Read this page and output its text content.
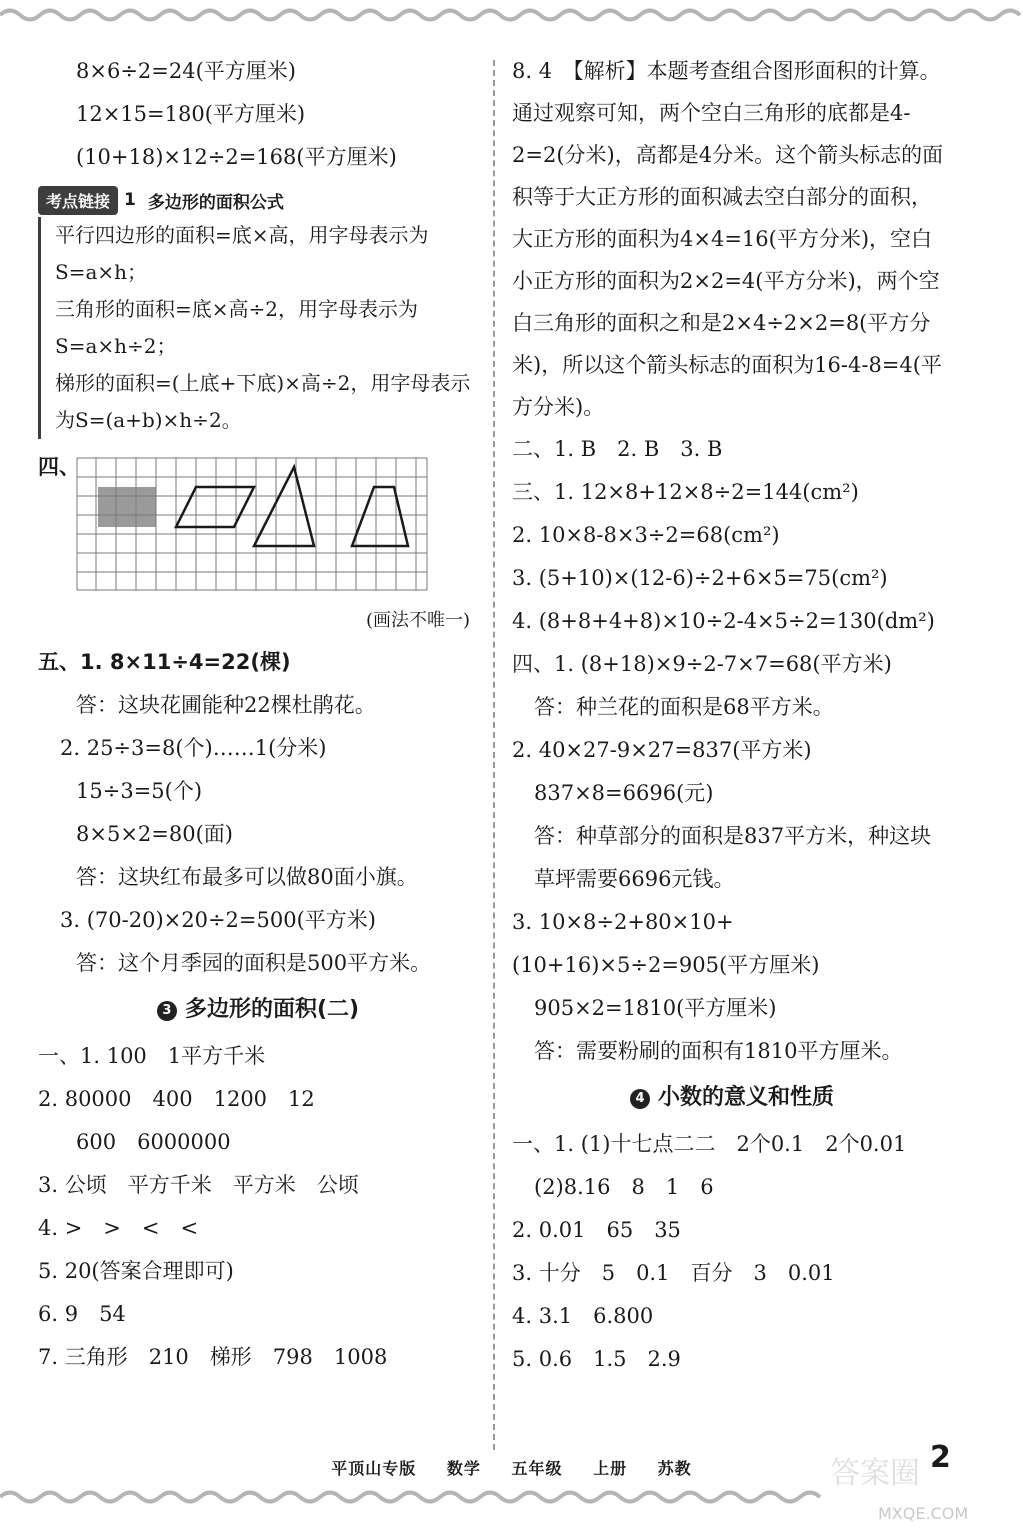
8×6÷2=24(平方厘米)
12×15=180(平方厘米)
(10+18)×12÷2=168(平方厘米)
考点链接 1 多边形的面积公式
平行四边形的面积=底×高，用字母表示为S=a×h；
三角形的面积=底×高÷2，用字母表示为S=a×h÷2；
梯形的面积=(上底+下底)×高÷2，用字母表示为S=(a+b)×h÷2。
四、
(画法不唯一)
五、1. 8×11÷4=22(棵)
答：这块花圃能种22棵杜鹃花。
2. 25÷3=8(个)……1(分米)
15÷3=5(个)
8×5×2=80(面)
答：这块红布最多可以做80面小旗。
3. (70-20)×20÷2=500(平方米)
答：这个月季园的面积是500平方米。
3 多边形的面积(二)
一、1. 100　1平方千米
2. 80000　400　1200　12
600　6000000
3. 公顷　平方千米　平方米　公顷
4. >　>　<　<
5. 20(答案合理即可)
6. 9　54
7. 三角形　210　梯形　798　1008
8. 4　【解析】本题考查组合图形面积的计算。通过观察可知，两个空白三角形的底都是4-2=2(分米)，高都是4分米。这个箭头标志的面积等于大正方形的面积减去空白部分的面积，大正方形的面积为4×4=16(平方分米)，空白小正方形的面积为2×2=4(平方分米)，两个空白三角形的面积之和是2×4÷2×2=8(平方分米)，所以这个箭头标志的面积为16-4-8=4(平方分米)。
二、1. B　2. B　3. B
三、1. 12×8+12×8÷2=144(cm²)
2. 10×8-8×3÷2=68(cm²)
3. (5+10)×(12-6)÷2+6×5=75(cm²)
4. (8+8+4+8)×10÷2-4×5÷2=130(dm²)
四、1. (8+18)×9÷2-7×7=68(平方米)
答：种兰花的面积是68平方米。
2. 40×27-9×27=837(平方米)
837×8=6696(元)
答：种草部分的面积是837平方米，种这块草坪需要6696元钱。
3. 10×8÷2+80×10+(10+16)×5÷2=905(平方厘米)
905×2=1810(平方厘米)
答：需要粉刷的面积有1810平方厘米。
4 小数的意义和性质
一、1. (1)十七点二二　2个0.1　2个0.01
(2)8.16　8　1　6
2. 0.01　65　35
3. 十分　5　0.1　百分　3　0.01
4. 3.1　6.800
5. 0.6　1.5　2.9
平顶山专版 数学 五年级 上册 苏教	答案圈
MXQE.COM
2
